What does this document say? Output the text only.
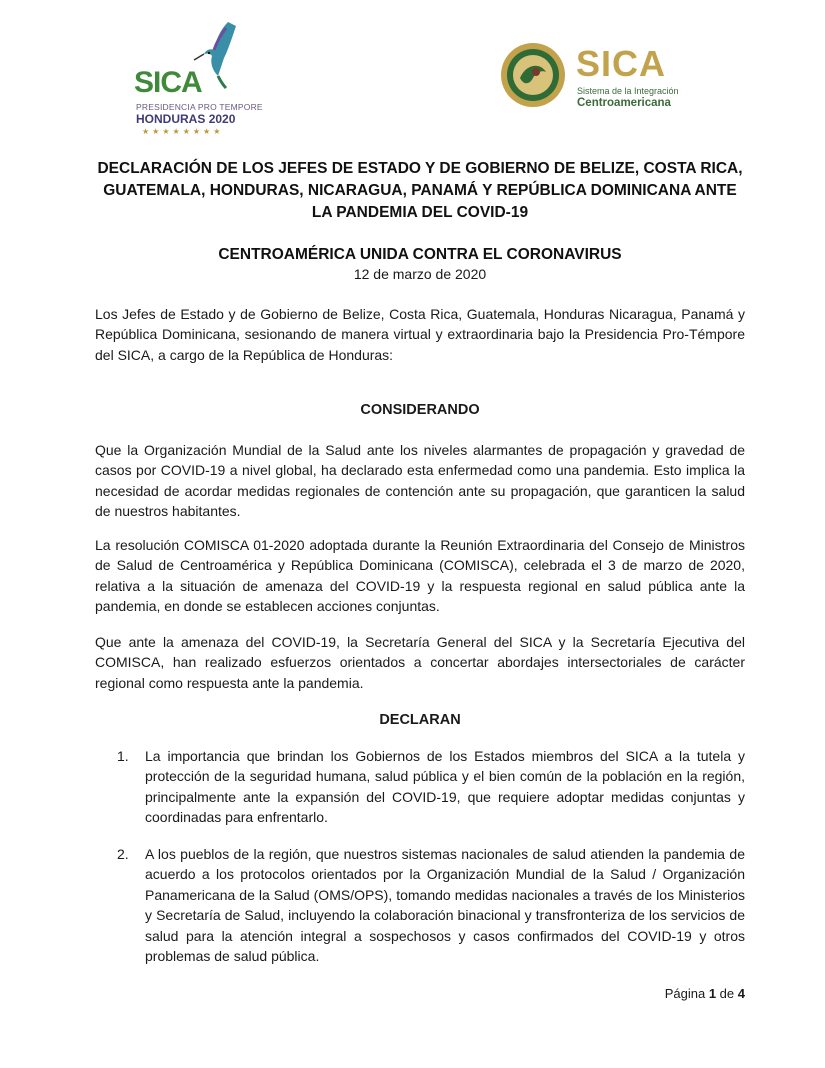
SICA
PRESIDENCIA PRO TEMPORE
HONDURAS 2020
★★★★★★★★
SICA
Sistema de la Integración
Centroamericana
DECLARACIÓN DE LOS JEFES DE ESTADO Y DE GOBIERNO DE BELIZE, COSTA RICA, GUATEMALA, HONDURAS, NICARAGUA, PANAMÁ Y REPÚBLICA DOMINICANA ANTE LA PANDEMIA DEL COVID-19
CENTROAMÉRICA UNIDA CONTRA EL CORONAVIRUS
12 de marzo de 2020
Los Jefes de Estado y de Gobierno de Belize, Costa Rica, Guatemala, Honduras Nicaragua, Panamá y República Dominicana, sesionando de manera virtual y extraordinaria bajo la Presidencia Pro-Témpore del SICA, a cargo de la República de Honduras:
CONSIDERANDO
Que la Organización Mundial de la Salud ante los niveles alarmantes de propagación y gravedad de casos por COVID-19 a nivel global, ha declarado esta enfermedad como una pandemia. Esto implica la necesidad de acordar medidas regionales de contención ante su propagación, que garanticen la salud de nuestros habitantes.
La resolución COMISCA 01-2020 adoptada durante la Reunión Extraordinaria del Consejo de Ministros de Salud de Centroamérica y República Dominicana (COMISCA), celebrada el 3 de marzo de 2020, relativa a la situación de amenaza del COVID-19 y la respuesta regional en salud pública ante la pandemia, en donde se establecen acciones conjuntas.
Que ante la amenaza del COVID-19, la Secretaría General del SICA y la Secretaría Ejecutiva del COMISCA, han realizado esfuerzos orientados a concertar abordajes intersectoriales de carácter regional como respuesta ante la pandemia.
DECLARAN
1. La importancia que brindan los Gobiernos de los Estados miembros del SICA a la tutela y protección de la seguridad humana, salud pública y el bien común de la población en la región, principalmente ante la expansión del COVID-19, que requiere adoptar medidas conjuntas y coordinadas para enfrentarlo.
2. A los pueblos de la región, que nuestros sistemas nacionales de salud atienden la pandemia de acuerdo a los protocolos orientados por la Organización Mundial de la Salud / Organización Panamericana de la Salud (OMS/OPS), tomando medidas nacionales a través de los Ministerios y Secretaría de Salud, incluyendo la colaboración binacional y transfronteriza de los servicios de salud para la atención integral a sospechosos y casos confirmados del COVID-19 y otros problemas de salud pública.
Página 1 de 4
